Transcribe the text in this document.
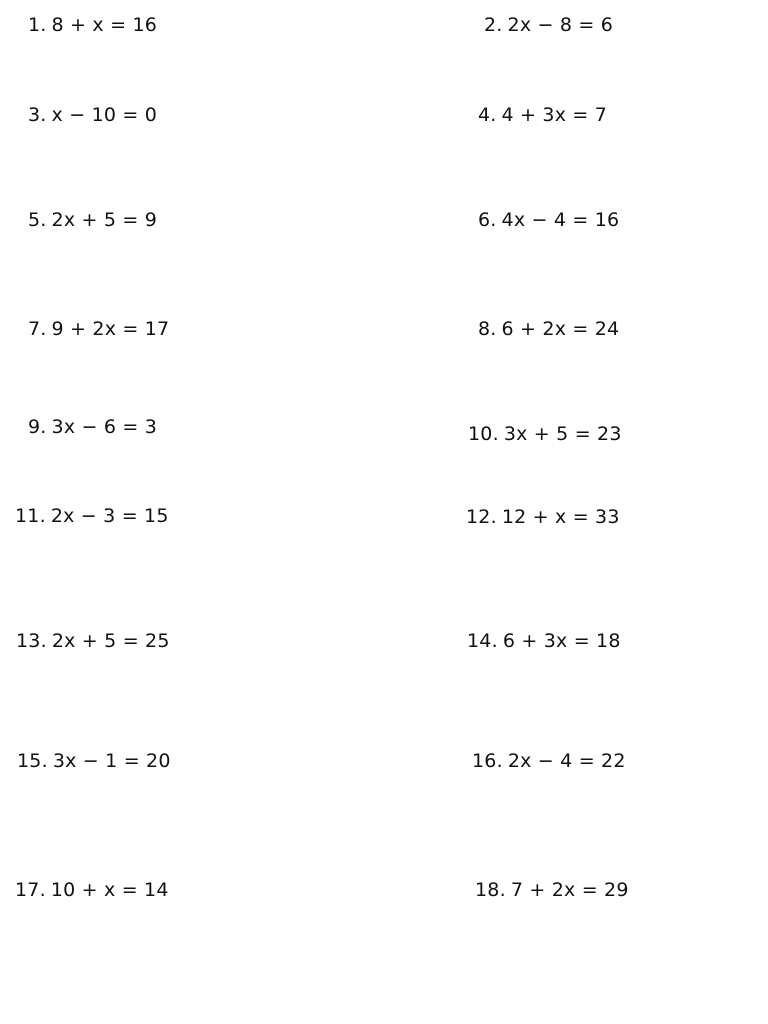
1. 8 + x = 16	2. 2x − 8 = 6
3. x − 10 = 0	4. 4 + 3x = 7
5. 2x + 5 = 9	6. 4x − 4 = 16
7. 9 + 2x = 17	8. 6 + 2x = 24
9. 3x − 6 = 3	10. 3x + 5 = 23
11. 2x − 3 = 15	12. 12 + x = 33
13. 2x + 5 = 25	14. 6 + 3x = 18
15. 3x − 1 = 20	16. 2x − 4 = 22
17. 10 + x = 14	18. 7 + 2x = 29
